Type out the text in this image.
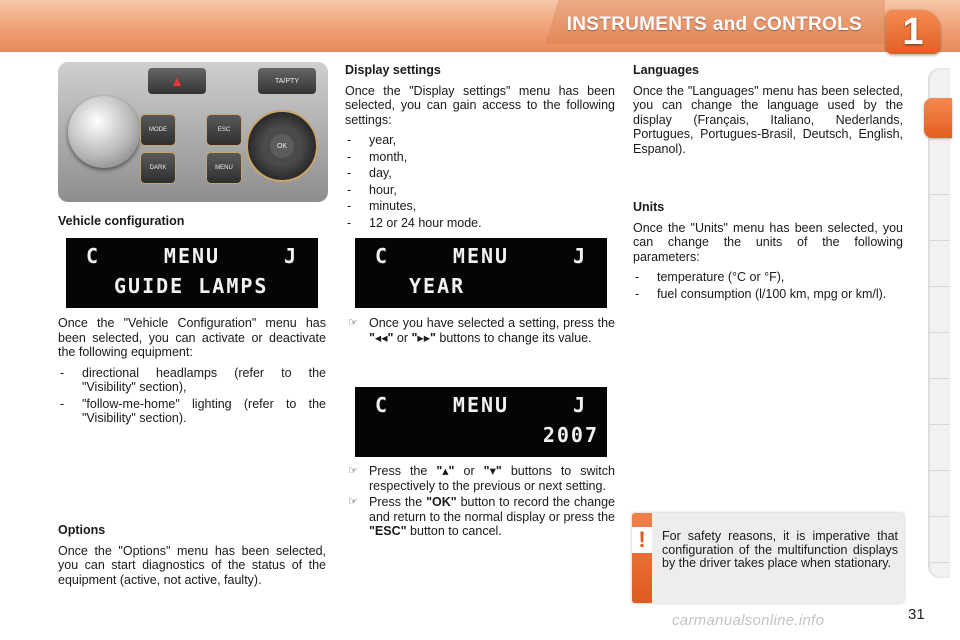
INSTRUMENTS and CONTROLS 1
▲	TA/PTY
MODE
DARK
ESC
MENU
OK
Vehicle configuration
C	MENU	J
GUIDE LAMPS

Once the "Vehicle Configuration" menu has been selected, you can activate or deactivate the following equipment:

- directional headlamps (refer to the "Visibility" section),
- "follow-me-home" lighting (refer to the "Visibility" section).
Options

Once the "Options" menu has been selected, you can start diagnostics of the status of the equipment (active, not active, faulty).

Display settings

Once the "Display settings" menu has been selected, you can gain access to the following settings:

- year,
- month,
- day,
- hour,
- minutes,
- 12 or 24 hour mode.
C	MENU	J
YEAR
☞ Once you have selected a setting, press the "◂◂" or "▸▸" buttons to change its value.
C	MENU	J
2007
☞ Press the "▴" or "▾" buttons to switch respectively to the previous or next setting.
☞ Press the "OK" button to record the change and return to the normal display or press the "ESC" button to cancel.
Languages

Once the "Languages" menu has been selected, you can change the language used by the display (Français, Italiano, Nederlands, Portugues, Portugues-Brasil, Deutsch, English, Espanol).

Units

Once the "Units" menu has been selected, you can change the units of the following parameters:

- temperature (°C or °F),
- fuel consumption (l/100 km, mpg or km/l).
!	For safety reasons, it is imperative that configuration of the multifunction displays by the driver takes place when stationary.
carmanualsonline.info	31
